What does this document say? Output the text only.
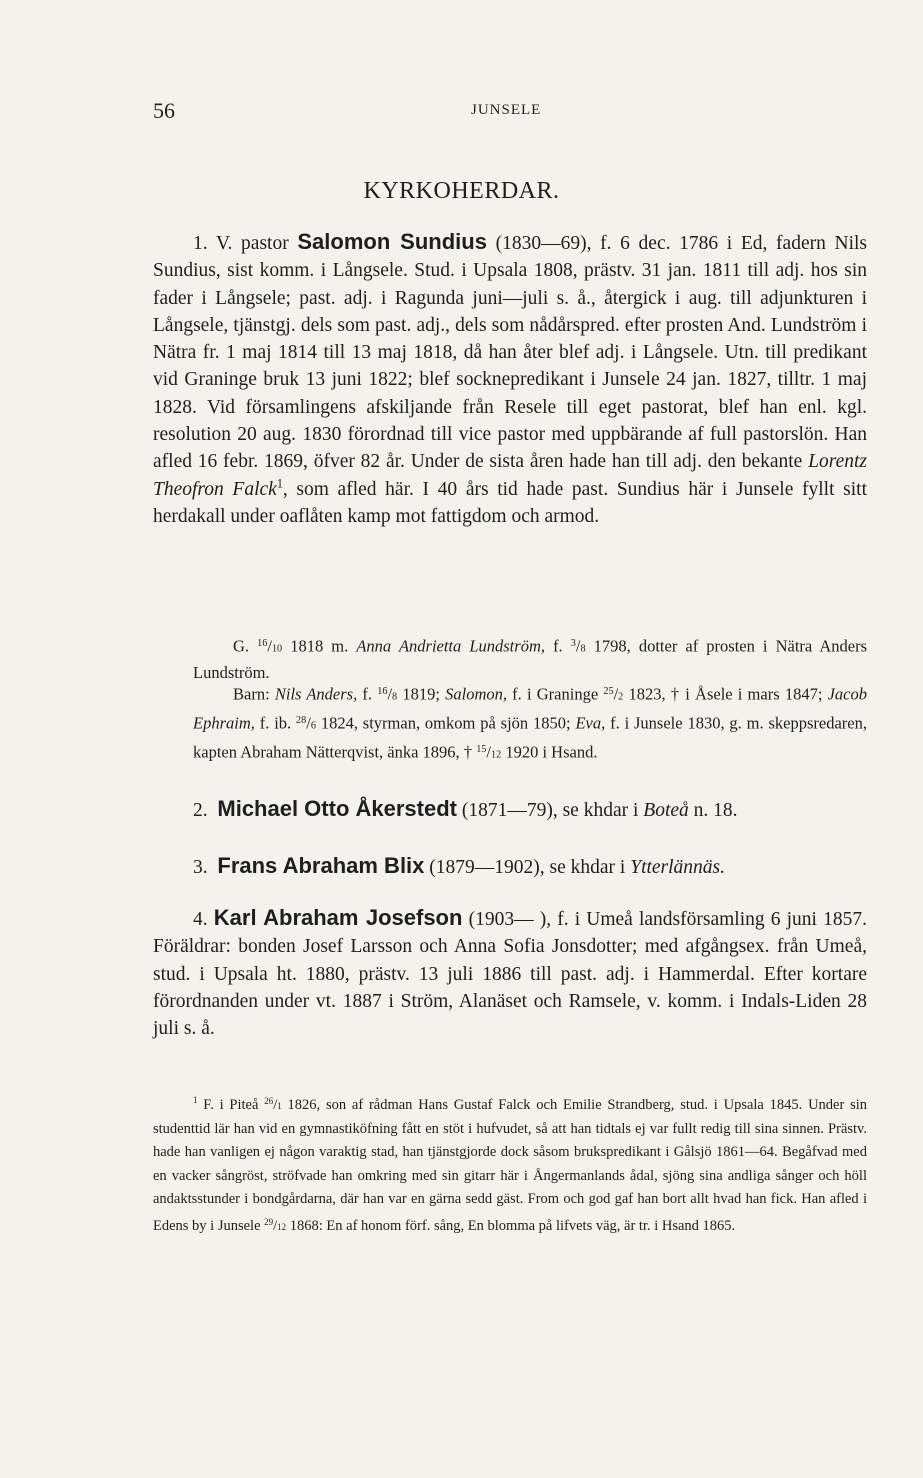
56	JUNSELE
KYRKOHERDAR.
1. V. pastor Salomon Sundius (1830—69), f. 6 dec. 1786 i Ed, fadern Nils Sundius, sist komm. i Långsele. Stud. i Upsala 1808, prästv. 31 jan. 1811 till adj. hos sin fader i Långsele; past. adj. i Ragunda juni—juli s. å., återgick i aug. till adjunkturen i Långsele, tjänstgj. dels som past. adj., dels som nådårspred. efter prosten And. Lundström i Nätra fr. 1 maj 1814 till 13 maj 1818, då han åter blef adj. i Långsele. Utn. till predikant vid Graninge bruk 13 juni 1822; blef socknepredikant i Junsele 24 jan. 1827, tilltr. 1 maj 1828. Vid församlingens afskiljande från Resele till eget pastorat, blef han enl. kgl. resolution 20 aug. 1830 förordnad till vice pastor med uppbärande af full pastorslön. Han afled 16 febr. 1869, öfver 82 år. Under de sista åren hade han till adj. den bekante Lorentz Theofron Falck$^1$, som afled här. I 40 års tid hade past. Sundius här i Junsele fyllt sitt herdakall under oaflåten kamp mot fattigdom och armod.
G. $^{16}$/10 1818 m. Anna Andrietta Lundström, f. $^3$/8 1798, dotter af prosten i Nätra Anders Lundström.
Barn: Nils Anders, f. $^{16}$/8 1819; Salomon, f. i Graninge $^{25}$/2 1823, † i Åsele i mars 1847; Jacob Ephraim, f. ib. $^{28}$/6 1824, styrman, omkom på sjön 1850; Eva, f. i Junsele 1830, g. m. skeppsredaren, kapten Abraham Nätterqvist, änka 1896, † $^{15}$/12 1920 i Hsand.
2. Michael Otto Åkerstedt (1871—79), se khdar i Boteå n. 18.
3. Frans Abraham Blix (1879—1902), se khdar i Ytterlännäs.
4. Karl Abraham Josefson (1903— ), f. i Umeå landsförsamling 6 juni 1857. Föräldrar: bonden Josef Larsson och Anna Sofia Jonsdotter; med afgångsex. från Umeå, stud. i Upsala ht. 1880, prästv. 13 juli 1886 till past. adj. i Hammerdal. Efter kortare förordnanden under vt. 1887 i Ström, Alanäset och Ramsele, v. komm. i Indals-Liden 28 juli s. å.
$^1$ F. i Piteå $^{26}$/1 1826, son af rådman Hans Gustaf Falck och Emilie Strandberg, stud. i Upsala 1845. Under sin studenttid lär han vid en gymnastiköfning fått en stöt i hufvudet, så att han tidtals ej var fullt redig till sina sinnen. Prästv. hade han vanligen ej någon varaktig stad, han tjänstgjorde dock såsom brukspredikant i Gålsjö 1861—64. Begåfvad med en vacker sångröst, ströfvade han omkring med sin gitarr här i Ångermanlands ådal, sjöng sina andliga sånger och höll andaktsstunder i bondgårdarna, där han var en gärna sedd gäst. From och god gaf han bort allt hvad han fick. Han afled i Edens by i Junsele $^{29}$/12 1868: En af honom förf. sång, En blomma på lifvets väg, är tr. i Hsand 1865.
